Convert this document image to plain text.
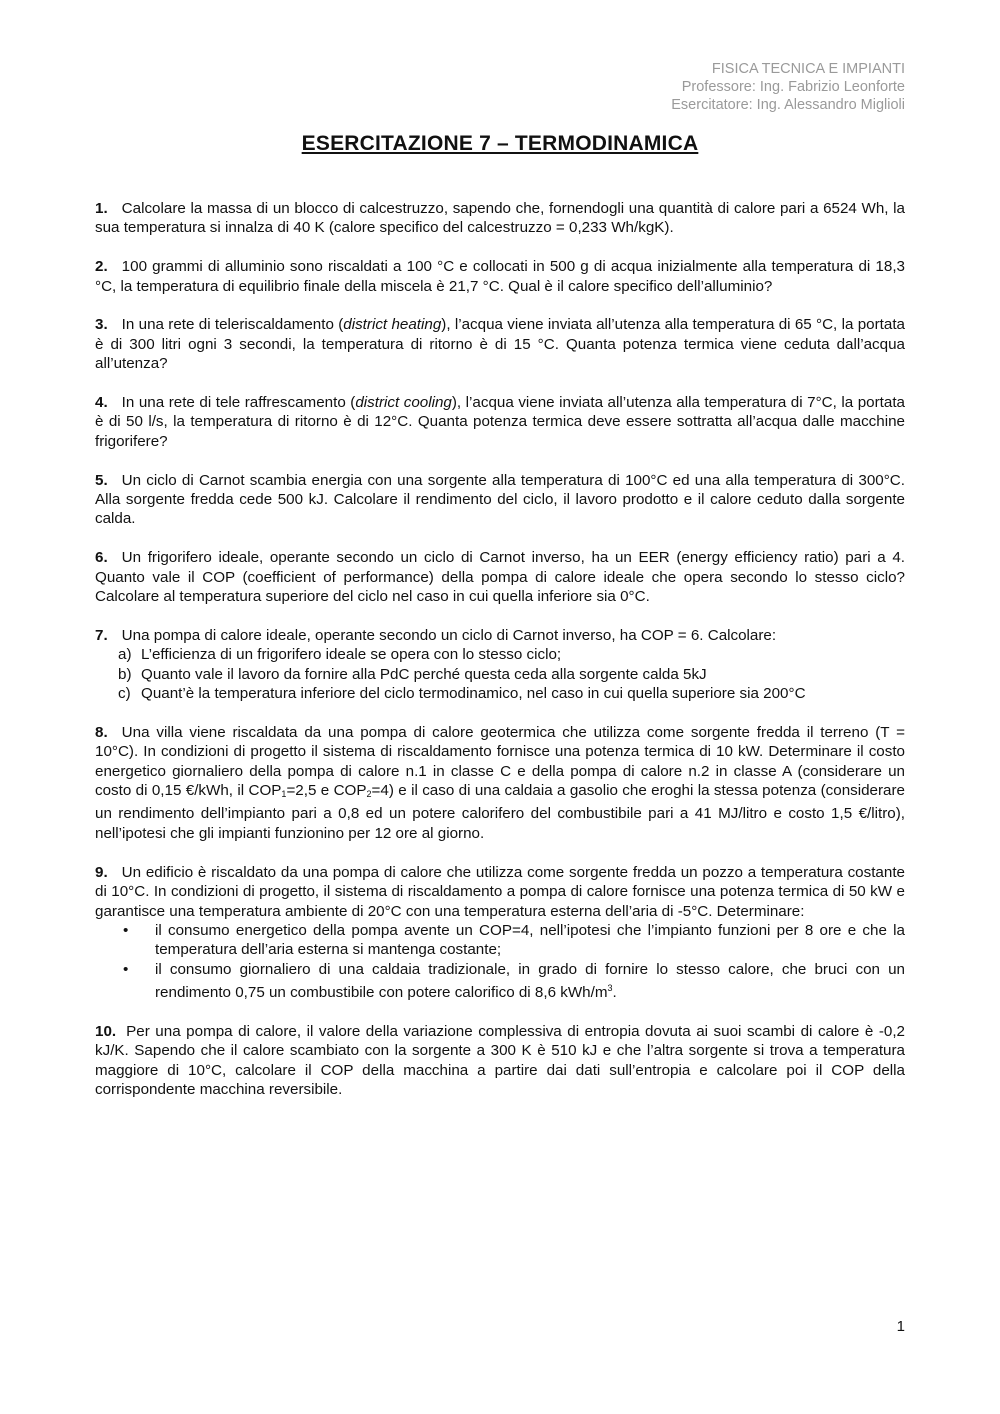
FISICA TECNICA E IMPIANTI
Professore: Ing. Fabrizio Leonforte
Esercitatore: Ing. Alessandro Miglioli
ESERCITAZIONE 7 – TERMODINAMICA

1. Calcolare la massa di un blocco di calcestruzzo, sapendo che, fornendogli una quantità di calore pari a 6524 Wh, la sua temperatura si innalza di 40 K (calore specifico del calcestruzzo = 0,233 Wh/kgK).

2. 100 grammi di alluminio sono riscaldati a 100 °C e collocati in 500 g di acqua inizialmente alla temperatura di 18,3 °C, la temperatura di equilibrio finale della miscela è 21,7 °C. Qual è il calore specifico dell’alluminio?

3. In una rete di teleriscaldamento (district heating), l’acqua viene inviata all’utenza alla temperatura di 65 °C, la portata è di 300 litri ogni 3 secondi, la temperatura di ritorno è di 15 °C. Quanta potenza termica viene ceduta dall’acqua all’utenza?

4. In una rete di tele raffrescamento (district cooling), l’acqua viene inviata all’utenza alla temperatura di 7°C, la portata è di 50 l/s, la temperatura di ritorno è di 12°C. Quanta potenza termica deve essere sottratta all’acqua dalle macchine frigorifere?

5. Un ciclo di Carnot scambia energia con una sorgente alla temperatura di 100°C ed una alla temperatura di 300°C. Alla sorgente fredda cede 500 kJ. Calcolare il rendimento del ciclo, il lavoro prodotto e il calore ceduto dalla sorgente calda.

6. Un frigorifero ideale, operante secondo un ciclo di Carnot inverso, ha un EER (energy efficiency ratio) pari a 4. Quanto vale il COP (coefficient of performance) della pompa di calore ideale che opera secondo lo stesso ciclo? Calcolare al temperatura superiore del ciclo nel caso in cui quella inferiore sia 0°C.

7. Una pompa di calore ideale, operante secondo un ciclo di Carnot inverso, ha COP = 6. Calcolare:
a) L’efficienza di un frigorifero ideale se opera con lo stesso ciclo;
b) Quanto vale il lavoro da fornire alla PdC perché questa ceda alla sorgente calda 5kJ
c) Quant’è la temperatura inferiore del ciclo termodinamico, nel caso in cui quella superiore sia 200°C

8. Una villa viene riscaldata da una pompa di calore geotermica che utilizza come sorgente fredda il terreno (T = 10°C). In condizioni di progetto il sistema di riscaldamento fornisce una potenza termica di 10 kW. Determinare il costo energetico giornaliero della pompa di calore n.1 in classe C e della pompa di calore n.2 in classe A (considerare un costo di 0,15 €/kWh, il $COP_1=2,5$ e $COP_2=4$) e il caso di una caldaia a gasolio che eroghi la stessa potenza (considerare un rendimento dell’impianto pari a 0,8 ed un potere calorifero del combustibile pari a 41 MJ/litro e costo 1,5 €/litro), nell’ipotesi che gli impianti funzionino per 12 ore al giorno.

9. Un edificio è riscaldato da una pompa di calore che utilizza come sorgente fredda un pozzo a temperatura costante di 10°C. In condizioni di progetto, il sistema di riscaldamento a pompa di calore fornisce una potenza termica di 50 kW e garantisce una temperatura ambiente di 20°C con una temperatura esterna dell’aria di -5°C. Determinare:
• il consumo energetico della pompa avente un COP=4, nell’ipotesi che l’impianto funzioni per 8 ore e che la temperatura dell’aria esterna si mantenga costante;
• il consumo giornaliero di una caldaia tradizionale, in grado di fornire lo stesso calore, che bruci con un rendimento 0,75 un combustibile con potere calorifico di 8,6 kWh/$m^3$.

10. Per una pompa di calore, il valore della variazione complessiva di entropia dovuta ai suoi scambi di calore è -0,2 kJ/K. Sapendo che il calore scambiato con la sorgente a 300 K è 510 kJ e che l’altra sorgente si trova a temperatura maggiore di 10°C, calcolare il COP della macchina a partire dai dati sull’entropia e calcolare poi il COP della corrispondente macchina reversibile.

1
